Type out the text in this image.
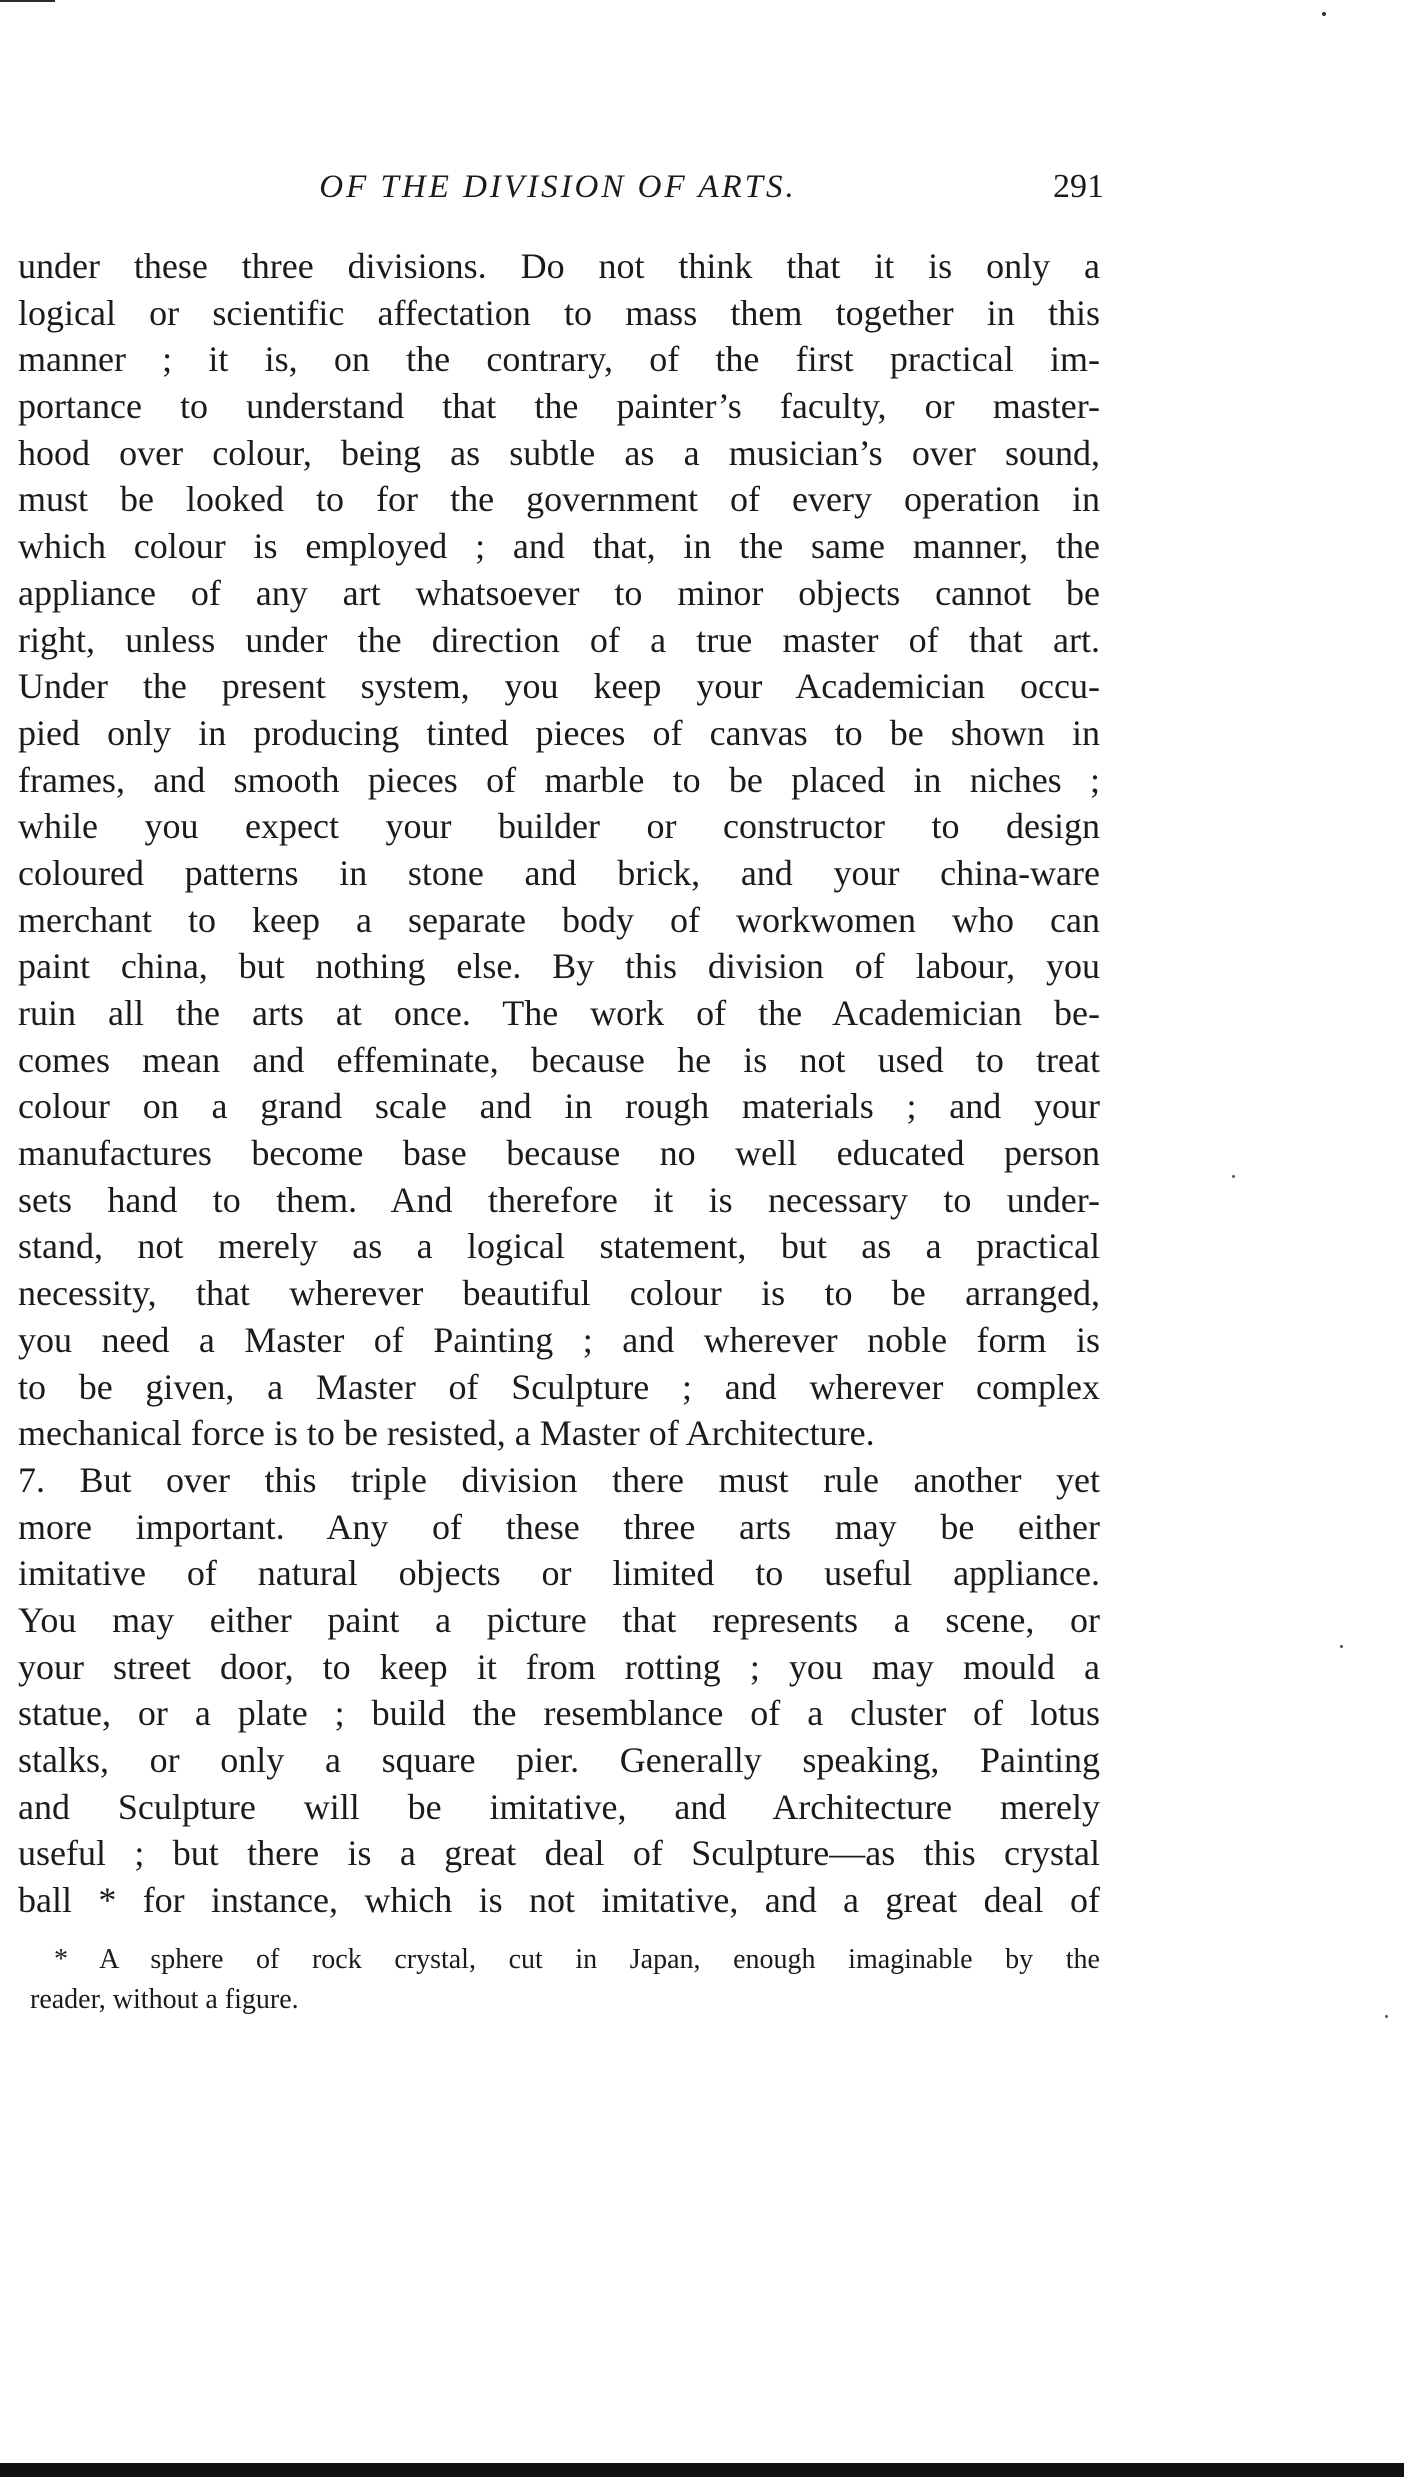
OF THE DIVISION OF ARTS.	291
under these three divisions. Do not think that it is only a
logical or scientific affectation to mass them together in this
manner ; it is, on the contrary, of the first practical im-
portance to understand that the painter’s faculty, or master-
hood over colour, being as subtle as a musician’s over sound,
must be looked to for the government of every operation in
which colour is employed ; and that, in the same manner, the
appliance of any art whatsoever to minor objects cannot be
right, unless under the direction of a true master of that art.
Under the present system, you keep your Academician occu-
pied only in producing tinted pieces of canvas to be shown in
frames, and smooth pieces of marble to be placed in niches ;
while you expect your builder or constructor to design
coloured patterns in stone and brick, and your china-ware
merchant to keep a separate body of workwomen who can
paint china, but nothing else. By this division of labour, you
ruin all the arts at once. The work of the Academician be-
comes mean and effeminate, because he is not used to treat
colour on a grand scale and in rough materials ; and your
manufactures become base because no well educated person
sets hand to them. And therefore it is necessary to under-
stand, not merely as a logical statement, but as a practical
necessity, that wherever beautiful colour is to be arranged,
you need a Master of Painting ; and wherever noble form is
to be given, a Master of Sculpture ; and wherever complex
mechanical force is to be resisted, a Master of Architecture.
7. But over this triple division there must rule another yet
more important. Any of these three arts may be either
imitative of natural objects or limited to useful appliance.
You may either paint a picture that represents a scene, or
your street door, to keep it from rotting ; you may mould a
statue, or a plate ; build the resemblance of a cluster of lotus
stalks, or only a square pier. Generally speaking, Painting
and Sculpture will be imitative, and Architecture merely
useful ; but there is a great deal of Sculpture—as this crystal
ball * for instance, which is not imitative, and a great deal of
* A sphere of rock crystal, cut in Japan, enough imaginable by the
reader, without a figure.
